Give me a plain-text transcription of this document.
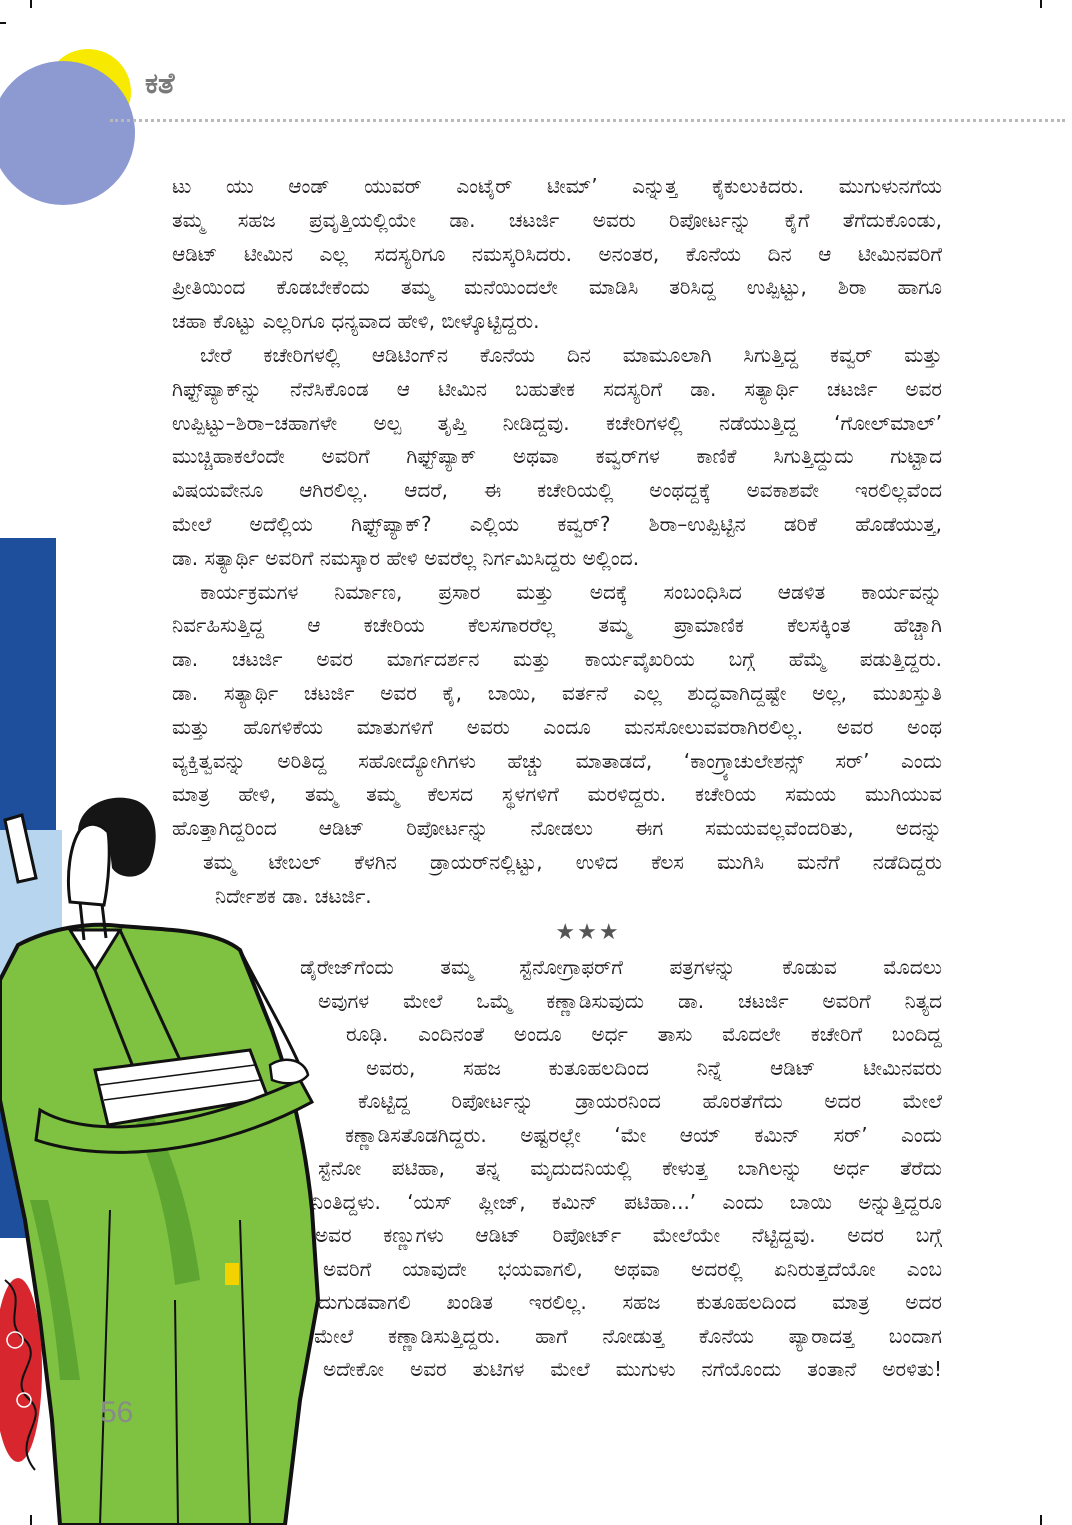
ಕತೆ
ಟು ಯು ಆಂಡ್ ಯುವರ್ ಎಂಟೈರ್ ಟೀಮ್’ ಎನ್ನುತ್ತ ಕೈಕುಲುಕಿದರು. ಮುಗುಳುನಗೆಯ
ತಮ್ಮ ಸಹಜ ಪ್ರವೃತ್ತಿಯಲ್ಲಿಯೇ ಡಾ. ಚಟರ್ಜಿ ಅವರು ರಿಪೋರ್ಟನ್ನು ಕೈಗೆ ತೆಗೆದುಕೊಂಡು,
ಆಡಿಟ್ ಟೀಮಿನ ಎಲ್ಲ ಸದಸ್ಯರಿಗೂ ನಮಸ್ಕರಿಸಿದರು. ಅನಂತರ, ಕೊನೆಯ ದಿನ ಆ ಟೀಮಿನವರಿಗೆ
ಪ್ರೀತಿಯಿಂದ ಕೊಡಬೇಕೆಂದು ತಮ್ಮ ಮನೆಯಿಂದಲೇ ಮಾಡಿಸಿ ತರಿಸಿದ್ದ ಉಪ್ಪಿಟ್ಟು, ಶಿರಾ ಹಾಗೂ
ಚಹಾ ಕೊಟ್ಟು ಎಲ್ಲರಿಗೂ ಧನ್ಯವಾದ ಹೇಳಿ, ಬೀಳ್ಕೊಟ್ಟಿದ್ದರು.
ಬೇರೆ ಕಚೇರಿಗಳಲ್ಲಿ ಆಡಿಟಿಂಗ್‌ನ ಕೊನೆಯ ದಿನ ಮಾಮೂಲಾಗಿ ಸಿಗುತ್ತಿದ್ದ ಕವ್ವರ್ ಮತ್ತು
ಗಿಫ್ಟ್‌ಪ್ಯಾಕ್‌ನ್ನು ನೆನೆಸಿಕೊಂಡ ಆ ಟೀಮಿನ ಬಹುತೇಕ ಸದಸ್ಯರಿಗೆ ಡಾ. ಸತ್ಯಾರ್ಥಿ ಚಟರ್ಜಿ ಅವರ
ಉಪ್ಪಿಟ್ಟು–ಶಿರಾ–ಚಹಾಗಳೇ ಅಲ್ಪ ತೃಪ್ತಿ ನೀಡಿದ್ದವು. ಕಚೇರಿಗಳಲ್ಲಿ ನಡೆಯುತ್ತಿದ್ದ ‘ಗೋಲ್‌ಮಾಲ್’
ಮುಚ್ಚಿಹಾಕಲೆಂದೇ ಅವರಿಗೆ ಗಿಫ್ಟ್‌ಪ್ಯಾಕ್ ಅಥವಾ ಕವ್ವರ್‌ಗಳ ಕಾಣಿಕೆ ಸಿಗುತ್ತಿದ್ದುದು ಗುಟ್ಟಾದ
ವಿಷಯವೇನೂ ಆಗಿರಲಿಲ್ಲ. ಆದರೆ, ಈ ಕಚೇರಿಯಲ್ಲಿ ಅಂಥದ್ದಕ್ಕೆ ಅವಕಾಶವೇ ಇರಲಿಲ್ಲವೆಂದ
ಮೇಲೆ ಅದೆಲ್ಲಿಯ ಗಿಫ್ಟ್‌ಪ್ಯಾಕ್? ಎಲ್ಲಿಯ ಕವ್ವರ್? ಶಿರಾ–ಉಪ್ಪಿಟ್ಟಿನ ಡರಿಕೆ ಹೊಡೆಯುತ್ತ,
ಡಾ. ಸತ್ಯಾರ್ಥಿ ಅವರಿಗೆ ನಮಸ್ಕಾರ ಹೇಳಿ ಅವರೆಲ್ಲ ನಿರ್ಗಮಿಸಿದ್ದರು ಅಲ್ಲಿಂದ.
ಕಾರ್ಯಕ್ರಮಗಳ ನಿರ್ಮಾಣ, ಪ್ರಸಾರ ಮತ್ತು ಅದಕ್ಕೆ ಸಂಬಂಧಿಸಿದ ಆಡಳಿತ ಕಾರ್ಯವನ್ನು
ನಿರ್ವಹಿಸುತ್ತಿದ್ದ ಆ ಕಚೇರಿಯ ಕೆಲಸಗಾರರೆಲ್ಲ ತಮ್ಮ ಪ್ರಾಮಾಣಿಕ ಕೆಲಸಕ್ಕಿಂತ ಹೆಚ್ಚಾಗಿ
ಡಾ. ಚಟರ್ಜಿ ಅವರ ಮಾರ್ಗದರ್ಶನ ಮತ್ತು ಕಾರ್ಯವೈಖರಿಯ ಬಗ್ಗೆ ಹೆಮ್ಮೆ ಪಡುತ್ತಿದ್ದರು.
ಡಾ. ಸತ್ಯಾರ್ಥಿ ಚಟರ್ಜಿ ಅವರ ಕೈ, ಬಾಯಿ, ವರ್ತನೆ ಎಲ್ಲ ಶುದ್ಧವಾಗಿದ್ದಷ್ಟೇ ಅಲ್ಲ, ಮುಖಸ್ತುತಿ
ಮತ್ತು ಹೊಗಳಿಕೆಯ ಮಾತುಗಳಿಗೆ ಅವರು ಎಂದೂ ಮನಸೋಲುವವರಾಗಿರಲಿಲ್ಲ. ಅವರ ಅಂಥ
ವ್ಯಕ್ತಿತ್ವವನ್ನು ಅರಿತಿದ್ದ ಸಹೋದ್ಯೋಗಿಗಳು ಹೆಚ್ಚು ಮಾತಾಡದೆ, ‘ಕಾಂಗ್ರ್ಯಾಚುಲೇಶನ್ಸ್ ಸರ್’ ಎಂದು
ಮಾತ್ರ ಹೇಳಿ, ತಮ್ಮ ತಮ್ಮ ಕೆಲಸದ ಸ್ಥಳಗಳಿಗೆ ಮರಳಿದ್ದರು. ಕಚೇರಿಯ ಸಮಯ ಮುಗಿಯುವ
ಹೊತ್ತಾಗಿದ್ದರಿಂದ ಆಡಿಟ್ ರಿಪೋರ್ಟನ್ನು ನೋಡಲು ಈಗ ಸಮಯವಲ್ಲವೆಂದರಿತು, ಅದನ್ನು
ತಮ್ಮ ಟೇಬಲ್ ಕೆಳಗಿನ ಡ್ರಾಯರ್‌ನಲ್ಲಿಟ್ಟು, ಉಳಿದ ಕೆಲಸ ಮುಗಿಸಿ ಮನೆಗೆ ನಡೆದಿದ್ದರು
ನಿರ್ದೇಶಕ ಡಾ. ಚಟರ್ಜಿ.
★★★
ಡೈರೇಜ್‌ಗೆಂದು ತಮ್ಮ ಸ್ಟೆನೋಗ್ರಾಫರ್‌ಗೆ ಪತ್ರಗಳನ್ನು ಕೊಡುವ ಮೊದಲು
ಅವುಗಳ ಮೇಲೆ ಒಮ್ಮೆ ಕಣ್ಣಾಡಿಸುವುದು ಡಾ. ಚಟರ್ಜಿ ಅವರಿಗೆ ನಿತ್ಯದ
ರೂಢಿ. ಎಂದಿನಂತೆ ಅಂದೂ ಅರ್ಧ ತಾಸು ಮೊದಲೇ ಕಚೇರಿಗೆ ಬಂದಿದ್ದ
ಅವರು, ಸಹಜ ಕುತೂಹಲದಿಂದ ನಿನ್ನೆ ಆಡಿಟ್ ಟೀಮಿನವರು
ಕೊಟ್ಟಿದ್ದ ರಿಪೋರ್ಟನ್ನು ಡ್ರಾಯರನಿಂದ ಹೊರತೆಗೆದು ಅದರ ಮೇಲೆ
ಕಣ್ಣಾಡಿಸತೊಡಗಿದ್ದರು. ಅಷ್ಟರಲ್ಲೇ ‘ಮೇ ಆಯ್ ಕಮಿನ್ ಸರ್’ ಎಂದು
ಸ್ಟೆನೋ ಪಟಿಹಾ, ತನ್ನ ಮೃದುದನಿಯಲ್ಲಿ ಕೇಳುತ್ತ ಬಾಗಿಲನ್ನು ಅರ್ಧ ತೆರೆದು
ನಿಂತಿದ್ದಳು. ‘ಯಸ್ ಪ್ಲೀಜ್, ಕಮಿನ್ ಪಟಿಹಾ...’ ಎಂದು ಬಾಯಿ ಅನ್ನುತ್ತಿದ್ದರೂ
ಅವರ ಕಣ್ಣುಗಳು ಆಡಿಟ್ ರಿಪೋರ್ಟ್ ಮೇಲೆಯೇ ನೆಟ್ಟಿದ್ದವು. ಅದರ ಬಗ್ಗೆ
ಅವರಿಗೆ ಯಾವುದೇ ಭಯವಾಗಲಿ, ಅಥವಾ ಅದರಲ್ಲಿ ಏನಿರುತ್ತದೆಯೋ ಎಂಬ
ದುಗುಡವಾಗಲಿ ಖಂಡಿತ ಇರಲಿಲ್ಲ. ಸಹಜ ಕುತೂಹಲದಿಂದ ಮಾತ್ರ ಅದರ
ಮೇಲೆ ಕಣ್ಣಾಡಿಸುತ್ತಿದ್ದರು. ಹಾಗೆ ನೋಡುತ್ತ ಕೊನೆಯ ಪ್ಯಾರಾದತ್ತ ಬಂದಾಗ
ಅದೇಕೋ ಅವರ ತುಟಿಗಳ ಮೇಲೆ ಮುಗುಳು ನಗೆಯೊಂದು ತಂತಾನೆ ಅರಳಿತು!
56
